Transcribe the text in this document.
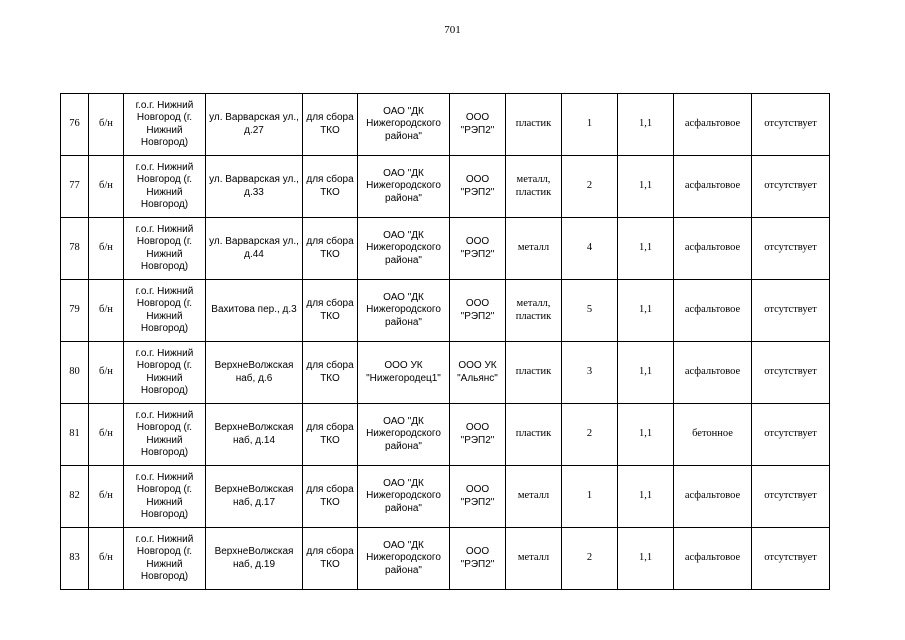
701
76	б/н	г.о.г. Нижний Новгород (г. Нижний Новгород)	ул. Варварская ул., д.27	для сбора ТКО	ОАО "ДК Нижегородского района"	ООО "РЭП2"	пластик	1	1,1	асфальтовое	отсутствует
77	б/н	г.о.г. Нижний Новгород (г. Нижний Новгород)	ул. Варварская ул., д.33	для сбора ТКО	ОАО "ДК Нижегородского района"	ООО "РЭП2"	металл, пластик	2	1,1	асфальтовое	отсутствует
78	б/н	г.о.г. Нижний Новгород (г. Нижний Новгород)	ул. Варварская ул., д.44	для сбора ТКО	ОАО "ДК Нижегородского района"	ООО "РЭП2"	металл	4	1,1	асфальтовое	отсутствует
79	б/н	г.о.г. Нижний Новгород (г. Нижний Новгород)	Вахитова пер., д.3	для сбора ТКО	ОАО "ДК Нижегородского района"	ООО "РЭП2"	металл, пластик	5	1,1	асфальтовое	отсутствует
80	б/н	г.о.г. Нижний Новгород (г. Нижний Новгород)	ВерхнеВолжская наб, д.6	для сбора ТКО	ООО УК "Нижегородец1"	ООО УК "Альянс"	пластик	3	1,1	асфальтовое	отсутствует
81	б/н	г.о.г. Нижний Новгород (г. Нижний Новгород)	ВерхнеВолжская наб, д.14	для сбора ТКО	ОАО "ДК Нижегородского района"	ООО "РЭП2"	пластик	2	1,1	бетонное	отсутствует
82	б/н	г.о.г. Нижний Новгород (г. Нижний Новгород)	ВерхнеВолжская наб, д.17	для сбора ТКО	ОАО "ДК Нижегородского района"	ООО "РЭП2"	металл	1	1,1	асфальтовое	отсутствует
83	б/н	г.о.г. Нижний Новгород (г. Нижний Новгород)	ВерхнеВолжская наб, д.19	для сбора ТКО	ОАО "ДК Нижегородского района"	ООО "РЭП2"	металл	2	1,1	асфальтовое	отсутствует
